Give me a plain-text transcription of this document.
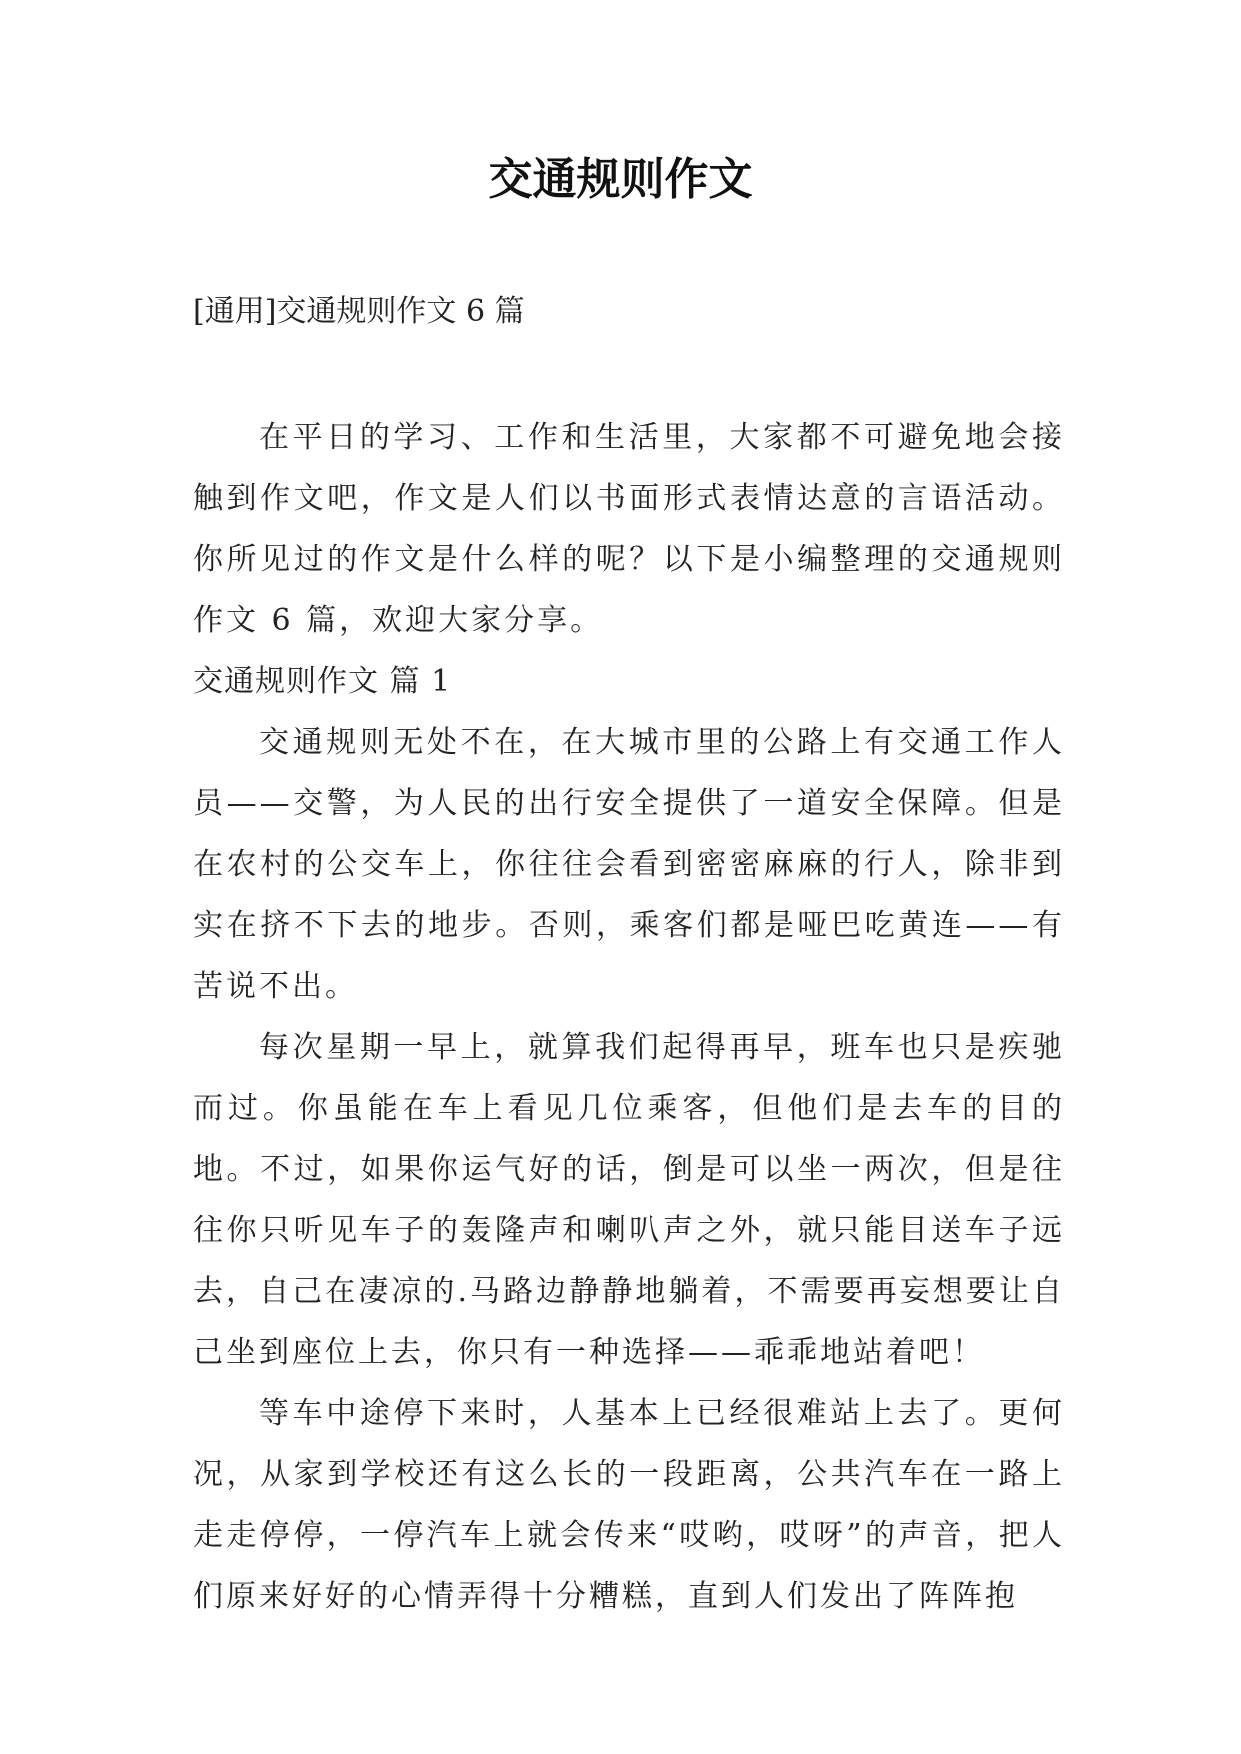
交通规则作文
[通用]交通规则作文 6 篇

在平日的学习、工作和生活里，大家都不可避免地会接触到作文吧，作文是人们以书面形式表情达意的言语活动。你所见过的作文是什么样的呢？以下是小编整理的交通规则作文 6 篇，欢迎大家分享。

交通规则作文 篇 1

交通规则无处不在，在大城市里的公路上有交通工作人员——交警，为人民的出行安全提供了一道安全保障。但是在农村的公交车上，你往往会看到密密麻麻的行人，除非到实在挤不下去的地步。否则，乘客们都是哑巴吃黄连——有苦说不出。

每次星期一早上，就算我们起得再早，班车也只是疾驰而过。你虽能在车上看见几位乘客，但他们是去车的目的地。不过，如果你运气好的话，倒是可以坐一两次，但是往往你只听见车子的轰隆声和喇叭声之外，就只能目送车子远去，自己在凄凉的.马路边静静地躺着，不需要再妄想要让自己坐到座位上去，你只有一种选择——乖乖地站着吧！

等车中途停下来时，人基本上已经很难站上去了。更何况，从家到学校还有这么长的一段距离，公共汽车在一路上走走停停，一停汽车上就会传来“哎哟，哎呀”的声音，把人们原来好好的心情弄得十分糟糕，直到人们发出了阵阵抱
